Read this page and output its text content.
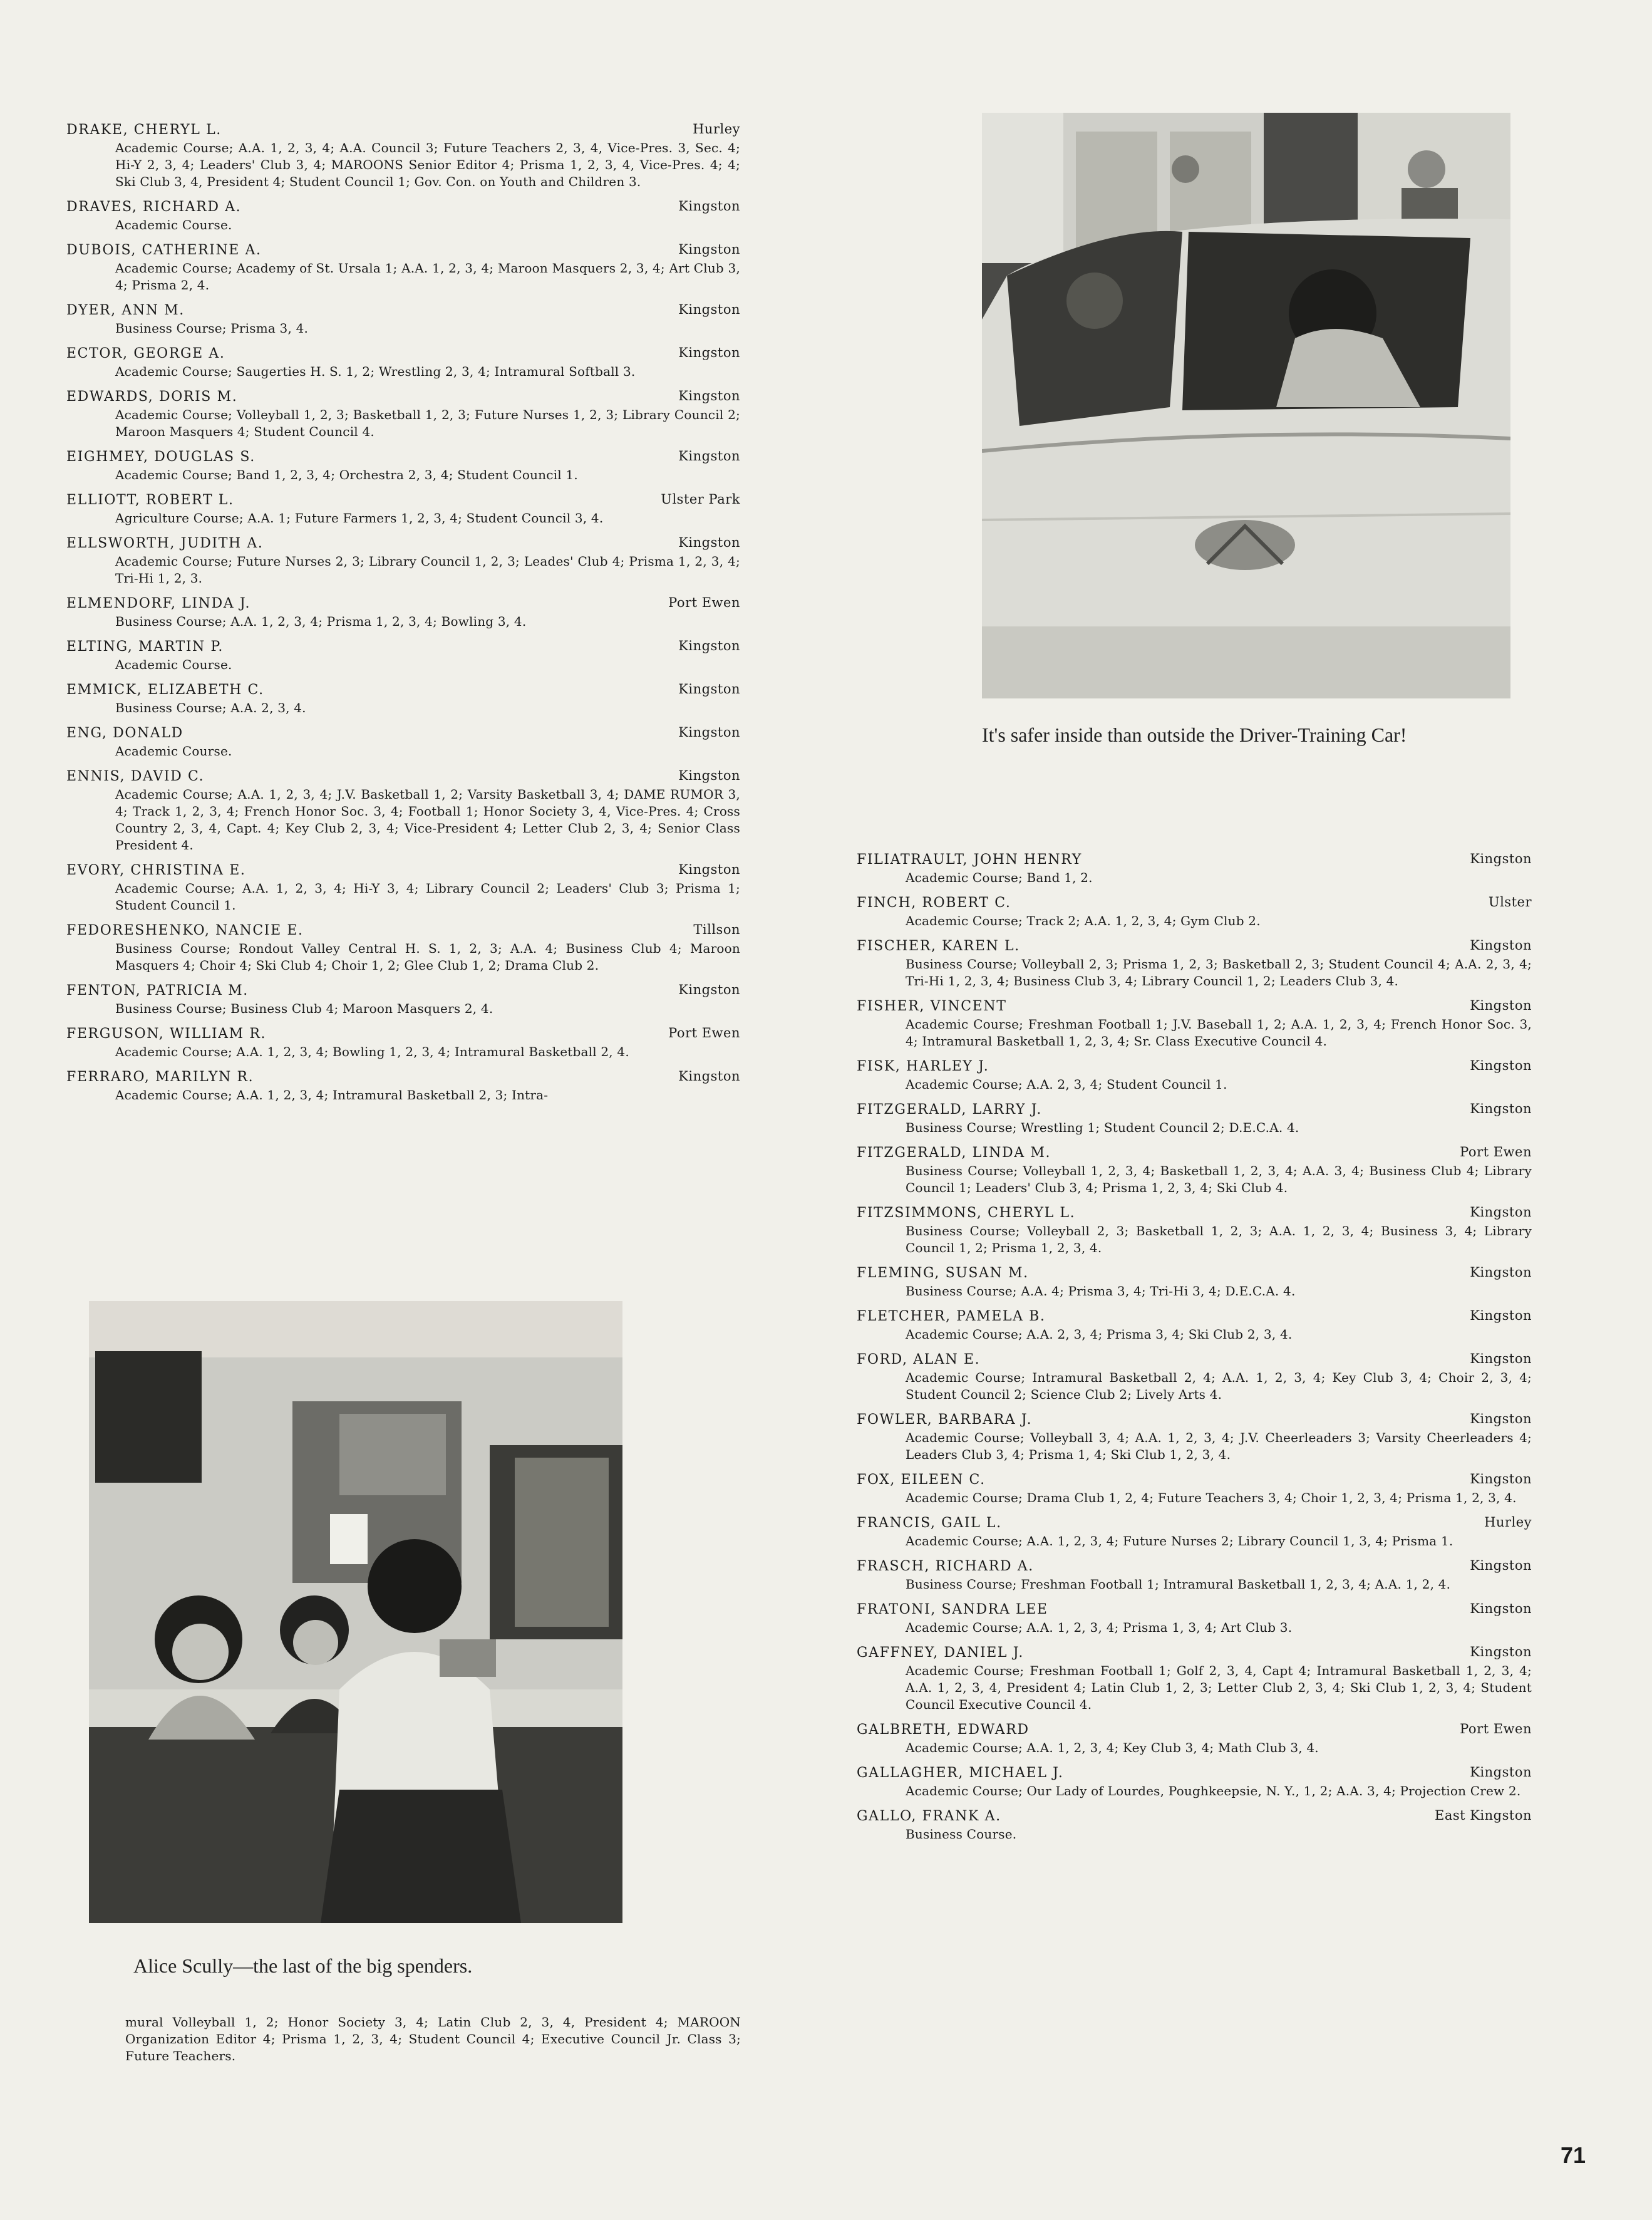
DRAKE, CHERYL L.	Hurley
Academic Course; A.A. 1, 2, 3, 4; A.A. Council 3; Future Teachers 2, 3, 4, Vice-Pres. 3, Sec. 4; Hi-Y 2, 3, 4; Leaders' Club 3, 4; MAROONS Senior Editor 4; Prisma 1, 2, 3, 4, Vice-Pres. 4; 4; Ski Club 3, 4, President 4; Student Council 1; Gov. Con. on Youth and Children 3.
DRAVES, RICHARD A.	Kingston
Academic Course.
DUBOIS, CATHERINE A.	Kingston
Academic Course; Academy of St. Ursala 1; A.A. 1, 2, 3, 4; Maroon Masquers 2, 3, 4; Art Club 3, 4; Prisma 2, 4.
DYER, ANN M.	Kingston
Business Course; Prisma 3, 4.
ECTOR, GEORGE A.	Kingston
Academic Course; Saugerties H. S. 1, 2; Wrestling 2, 3, 4; Intramural Softball 3.
EDWARDS, DORIS M.	Kingston
Academic Course; Volleyball 1, 2, 3; Basketball 1, 2, 3; Future Nurses 1, 2, 3; Library Council 2; Maroon Masquers 4; Student Council 4.
EIGHMEY, DOUGLAS S.	Kingston
Academic Course; Band 1, 2, 3, 4; Orchestra 2, 3, 4; Student Council 1.
ELLIOTT, ROBERT L.	Ulster Park
Agriculture Course; A.A. 1; Future Farmers 1, 2, 3, 4; Student Council 3, 4.
ELLSWORTH, JUDITH A.	Kingston
Academic Course; Future Nurses 2, 3; Library Council 1, 2, 3; Leades' Club 4; Prisma 1, 2, 3, 4; Tri-Hi 1, 2, 3.
ELMENDORF, LINDA J.	Port Ewen
Business Course; A.A. 1, 2, 3, 4; Prisma 1, 2, 3, 4; Bowling 3, 4.
ELTING, MARTIN P.	Kingston
Academic Course.
EMMICK, ELIZABETH C.	Kingston
Business Course; A.A. 2, 3, 4.
ENG, DONALD	Kingston
Academic Course.
ENNIS, DAVID C.	Kingston
Academic Course; A.A. 1, 2, 3, 4; J.V. Basketball 1, 2; Varsity Basketball 3, 4; DAME RUMOR 3, 4; Track 1, 2, 3, 4; French Honor Soc. 3, 4; Football 1; Honor Society 3, 4, Vice-Pres. 4; Cross Country 2, 3, 4, Capt. 4; Key Club 2, 3, 4; Vice-President 4; Letter Club 2, 3, 4; Senior Class President 4.
EVORY, CHRISTINA E.	Kingston
Academic Course; A.A. 1, 2, 3, 4; Hi-Y 3, 4; Library Council 2; Leaders' Club 3; Prisma 1; Student Council 1.
FEDORESHENKO, NANCIE E.	Tillson
Business Course; Rondout Valley Central H. S. 1, 2, 3; A.A. 4; Business Club 4; Maroon Masquers 4; Choir 4; Ski Club 4; Choir 1, 2; Glee Club 1, 2; Drama Club 2.
FENTON, PATRICIA M.	Kingston
Business Course; Business Club 4; Maroon Masquers 2, 4.
FERGUSON, WILLIAM R.	Port Ewen
Academic Course; A.A. 1, 2, 3, 4; Bowling 1, 2, 3, 4; Intramural Basketball 2, 4.
FERRARO, MARILYN R.	Kingston
Academic Course; A.A. 1, 2, 3, 4; Intramural Basketball 2, 3; Intra-
It's safer inside than outside the Driver-Training Car!
Alice Scully—the last of the big spenders.
mural Volleyball 1, 2; Honor Society 3, 4; Latin Club 2, 3, 4, President 4; MAROON Organization Editor 4; Prisma 1, 2, 3, 4; Student Council 4; Executive Council Jr. Class 3; Future Teachers.
FILIATRAULT, JOHN HENRY	Kingston
Academic Course; Band 1, 2.
FINCH, ROBERT C.	Ulster
Academic Course; Track 2; A.A. 1, 2, 3, 4; Gym Club 2.
FISCHER, KAREN L.	Kingston
Business Course; Volleyball 2, 3; Prisma 1, 2, 3; Basketball 2, 3; Student Council 4; A.A. 2, 3, 4; Tri-Hi 1, 2, 3, 4; Business Club 3, 4; Library Council 1, 2; Leaders Club 3, 4.
FISHER, VINCENT	Kingston
Academic Course; Freshman Football 1; J.V. Baseball 1, 2; A.A. 1, 2, 3, 4; French Honor Soc. 3, 4; Intramural Basketball 1, 2, 3, 4; Sr. Class Executive Council 4.
FISK, HARLEY J.	Kingston
Academic Course; A.A. 2, 3, 4; Student Council 1.
FITZGERALD, LARRY J.	Kingston
Business Course; Wrestling 1; Student Council 2; D.E.C.A. 4.
FITZGERALD, LINDA M.	Port Ewen
Business Course; Volleyball 1, 2, 3, 4; Basketball 1, 2, 3, 4; A.A. 3, 4; Business Club 4; Library Council 1; Leaders' Club 3, 4; Prisma 1, 2, 3, 4; Ski Club 4.
FITZSIMMONS, CHERYL L.	Kingston
Business Course; Volleyball 2, 3; Basketball 1, 2, 3; A.A. 1, 2, 3, 4; Business 3, 4; Library Council 1, 2; Prisma 1, 2, 3, 4.
FLEMING, SUSAN M.	Kingston
Business Course; A.A. 4; Prisma 3, 4; Tri-Hi 3, 4; D.E.C.A. 4.
FLETCHER, PAMELA B.	Kingston
Academic Course; A.A. 2, 3, 4; Prisma 3, 4; Ski Club 2, 3, 4.
FORD, ALAN E.	Kingston
Academic Course; Intramural Basketball 2, 4; A.A. 1, 2, 3, 4; Key Club 3, 4; Choir 2, 3, 4; Student Council 2; Science Club 2; Lively Arts 4.
FOWLER, BARBARA J.	Kingston
Academic Course; Volleyball 3, 4; A.A. 1, 2, 3, 4; J.V. Cheerleaders 3; Varsity Cheerleaders 4; Leaders Club 3, 4; Prisma 1, 4; Ski Club 1, 2, 3, 4.
FOX, EILEEN C.	Kingston
Academic Course; Drama Club 1, 2, 4; Future Teachers 3, 4; Choir 1, 2, 3, 4; Prisma 1, 2, 3, 4.
FRANCIS, GAIL L.	Hurley
Academic Course; A.A. 1, 2, 3, 4; Future Nurses 2; Library Council 1, 3, 4; Prisma 1.
FRASCH, RICHARD A.	Kingston
Business Course; Freshman Football 1; Intramural Basketball 1, 2, 3, 4; A.A. 1, 2, 4.
FRATONI, SANDRA LEE	Kingston
Academic Course; A.A. 1, 2, 3, 4; Prisma 1, 3, 4; Art Club 3.
GAFFNEY, DANIEL J.	Kingston
Academic Course; Freshman Football 1; Golf 2, 3, 4, Capt 4; Intramural Basketball 1, 2, 3, 4; A.A. 1, 2, 3, 4, President 4; Latin Club 1, 2, 3; Letter Club 2, 3, 4; Ski Club 1, 2, 3, 4; Student Council Executive Council 4.
GALBRETH, EDWARD	Port Ewen
Academic Course; A.A. 1, 2, 3, 4; Key Club 3, 4; Math Club 3, 4.
GALLAGHER, MICHAEL J.	Kingston
Academic Course; Our Lady of Lourdes, Poughkeepsie, N. Y., 1, 2; A.A. 3, 4; Projection Crew 2.
GALLO, FRANK A.	East Kingston
Business Course.
71
